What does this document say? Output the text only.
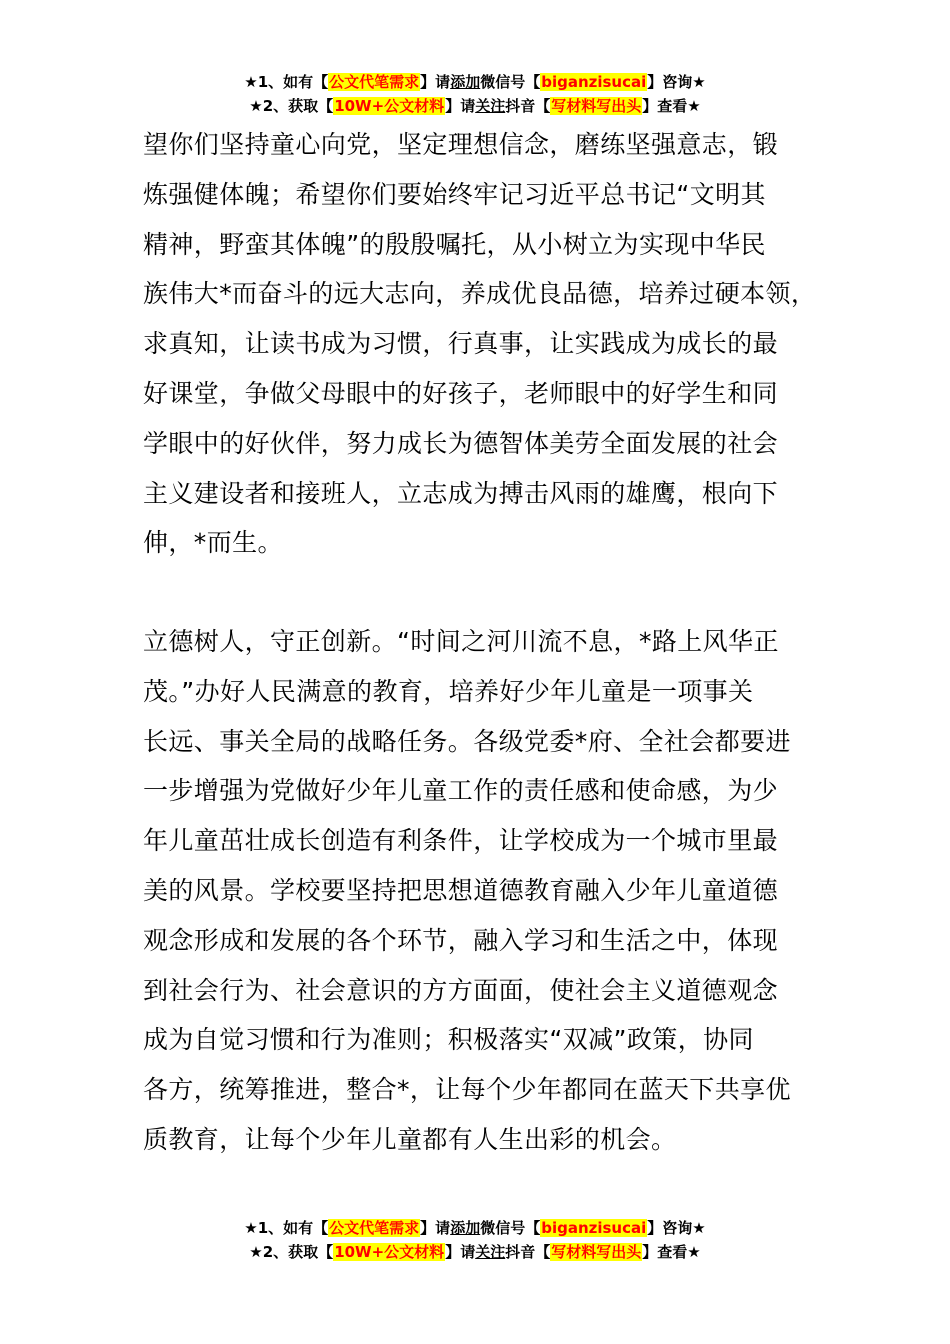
★1、如有【公文代笔需求】请添加微信号【biganzisucai】咨询★
★2、获取【10W+公文材料】请关注抖音【写材料写出头】查看★
望你们坚持童心向党，坚定理想信念，磨练坚强意志，锻
炼强健体魄；希望你们要始终牢记习近平总书记“文明其
精神，野蛮其体魄”的殷殷嘱托，从小树立为实现中华民
族伟大*而奋斗的远大志向，养成优良品德，培养过硬本领，
求真知，让读书成为习惯，行真事，让实践成为成长的最
好课堂，争做父母眼中的好孩子，老师眼中的好学生和同
学眼中的好伙伴，努力成长为德智体美劳全面发展的社会
主义建设者和接班人，立志成为搏击风雨的雄鹰，根向下
伸，*而生。
立德树人，守正创新。“时间之河川流不息，*路上风华正
茂。”办好人民满意的教育，培养好少年儿童是一项事关
长远、事关全局的战略任务。各级党委*府、全社会都要进
一步增强为党做好少年儿童工作的责任感和使命感，为少
年儿童茁壮成长创造有利条件，让学校成为一个城市里最
美的风景。学校要坚持把思想道德教育融入少年儿童道德
观念形成和发展的各个环节，融入学习和生活之中，体现
到社会行为、社会意识的方方面面，使社会主义道德观念
成为自觉习惯和行为准则；积极落实“双减”政策，协同
各方，统筹推进，整合*，让每个少年都同在蓝天下共享优
质教育，让每个少年儿童都有人生出彩的机会。
★1、如有【公文代笔需求】请添加微信号【biganzisucai】咨询★
★2、获取【10W+公文材料】请关注抖音【写材料写出头】查看★
